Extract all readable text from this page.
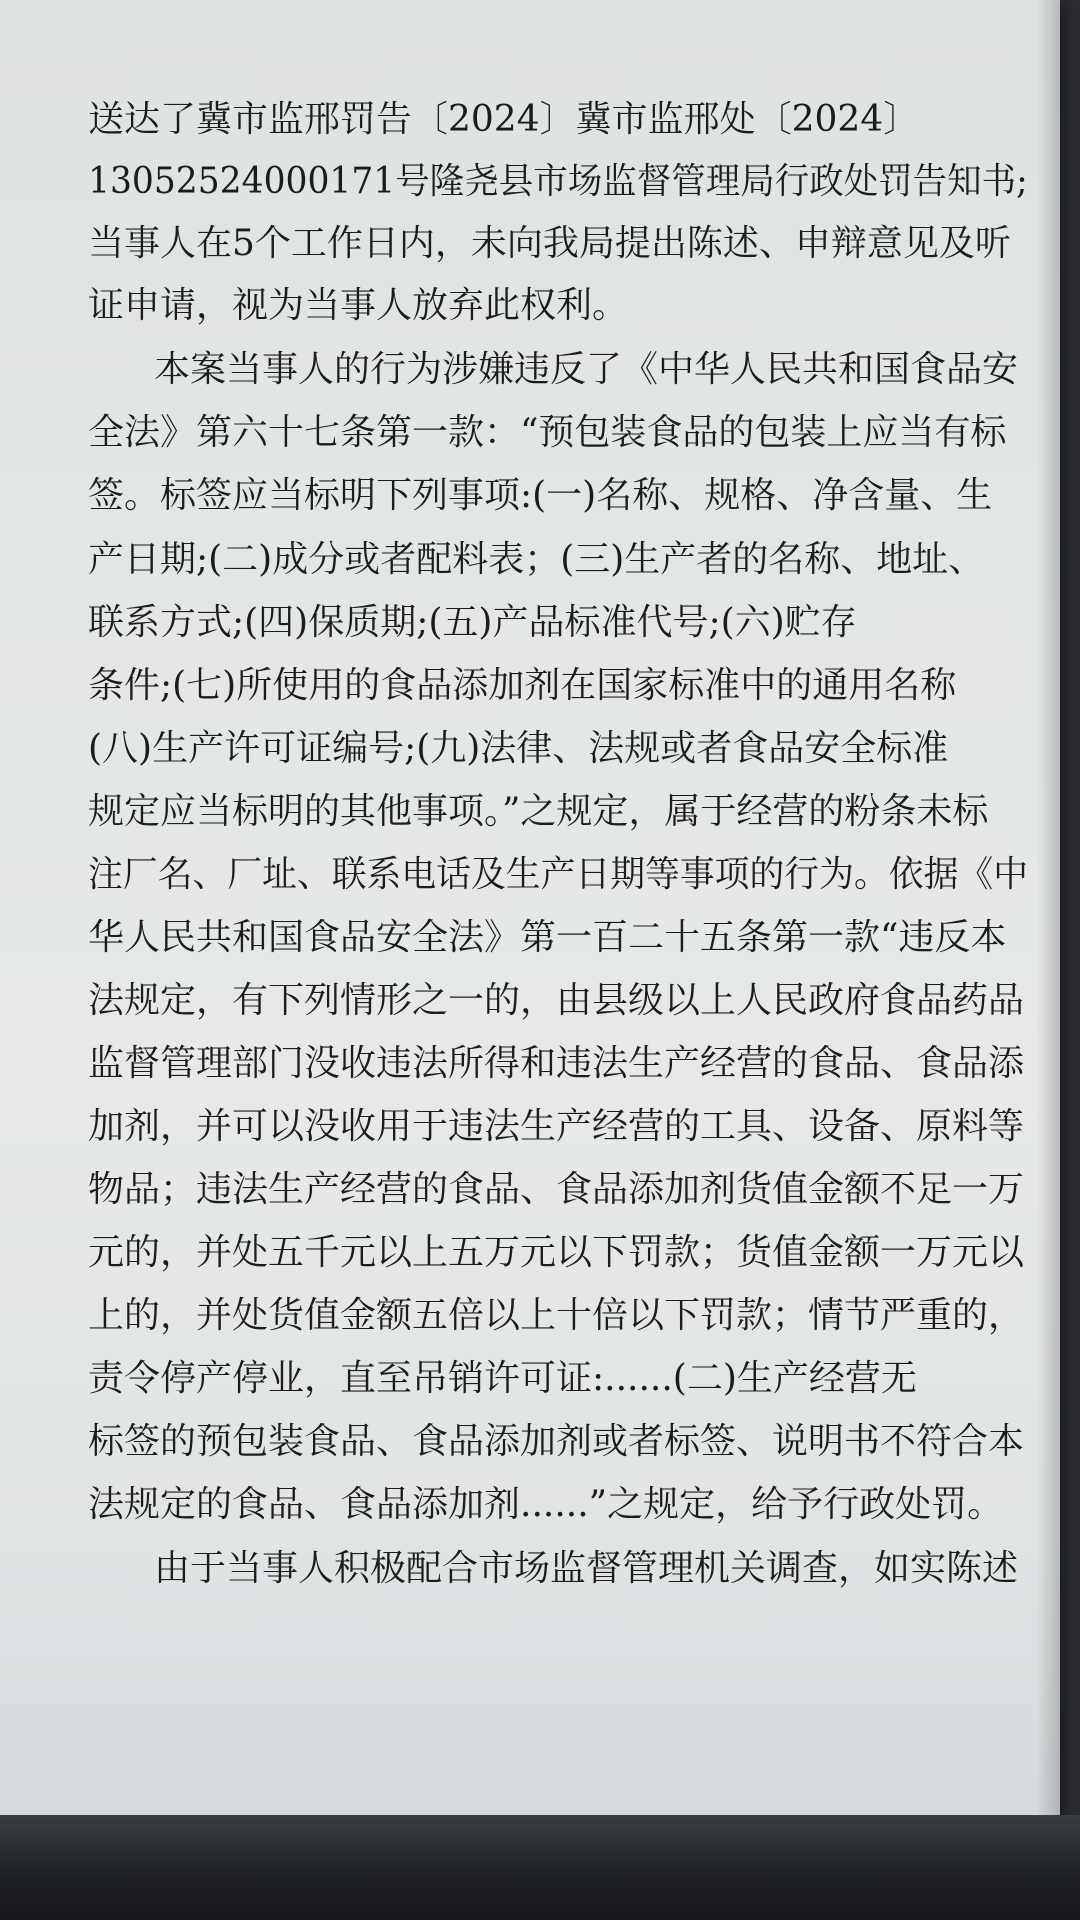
送达了冀市监邢罚告〔2024〕冀市监邢处〔2024〕
13052524000171号隆尧县市场监督管理局行政处罚告知书;
当事人在5个工作日内，未向我局提出陈述、申辩意见及听
证申请，视为当事人放弃此权利。
本案当事人的行为涉嫌违反了《中华人民共和国食品安
全法》第六十七条第一款：“预包装食品的包装上应当有标
签。标签应当标明下列事项:(一)名称、规格、净含量、生
产日期;(二)成分或者配料表；(三)生产者的名称、地址、
联系方式;(四)保质期;(五)产品标准代号;(六)贮存
条件;(七)所使用的食品添加剂在国家标准中的通用名称
(八)生产许可证编号;(九)法律、法规或者食品安全标准
规定应当标明的其他事项。”之规定，属于经营的粉条未标
注厂名、厂址、联系电话及生产日期等事项的行为。依据《中
华人民共和国食品安全法》第一百二十五条第一款“违反本
法规定，有下列情形之一的，由县级以上人民政府食品药品
监督管理部门没收违法所得和违法生产经营的食品、食品添
加剂，并可以没收用于违法生产经营的工具、设备、原料等
物品；违法生产经营的食品、食品添加剂货值金额不足一万
元的，并处五千元以上五万元以下罚款；货值金额一万元以
上的，并处货值金额五倍以上十倍以下罚款；情节严重的，
责令停产停业，直至吊销许可证:......(二)生产经营无
标签的预包装食品、食品添加剂或者标签、说明书不符合本
法规定的食品、食品添加剂......”之规定，给予行政处罚。
由于当事人积极配合市场监督管理机关调查，如实陈述
